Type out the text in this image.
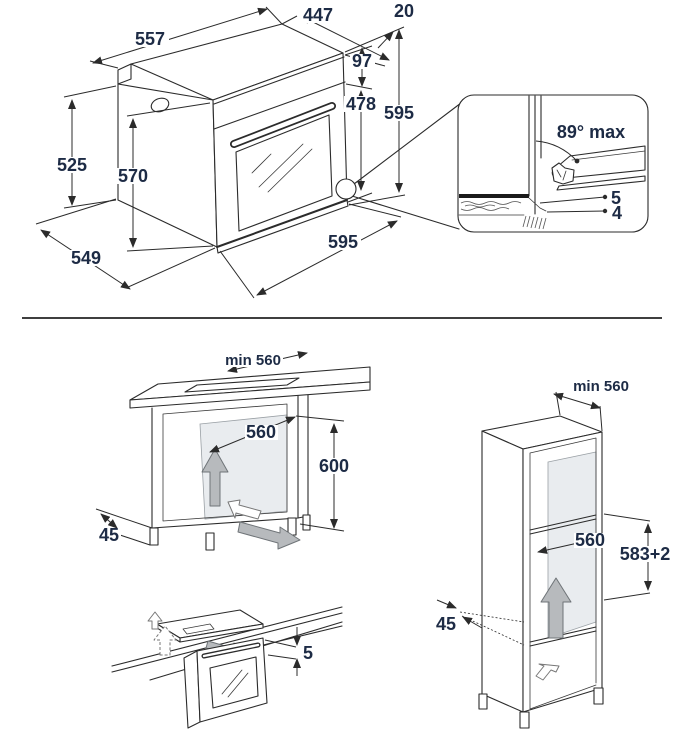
557
447	20
97
478 595
525
570
549
595
89° max
5
4
min 560
560
600
45
5
min 560
560
583+2
45
